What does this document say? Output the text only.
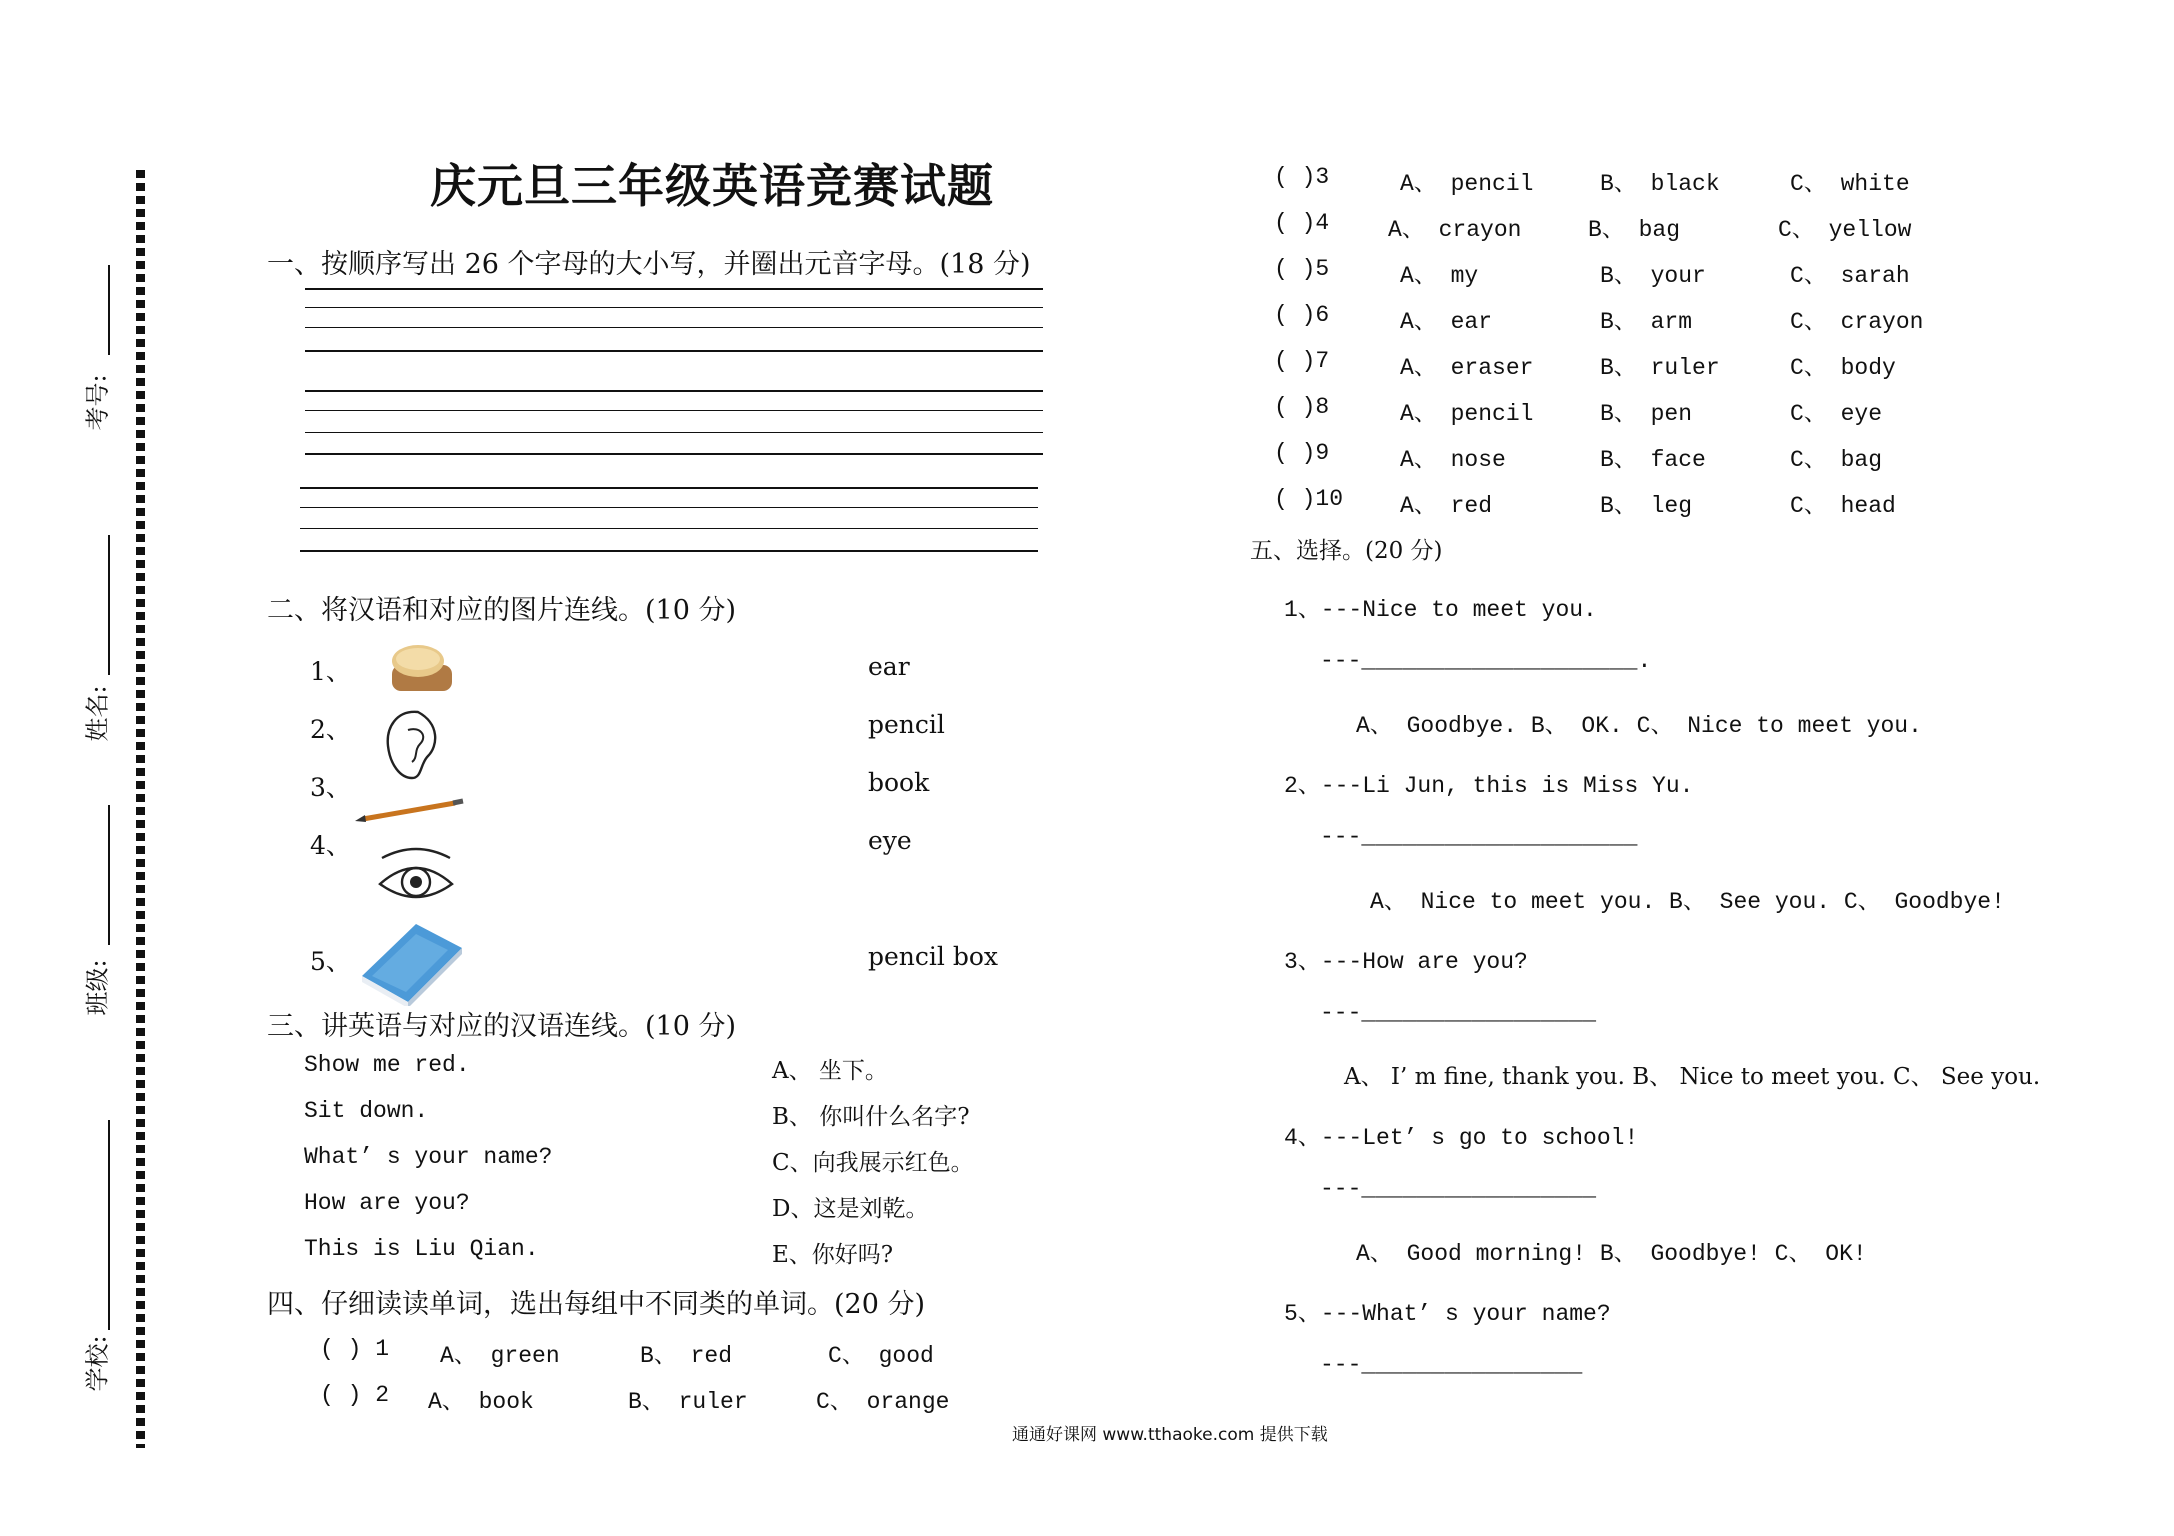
考号:
姓名:
班级:
学校:
庆元旦三年级英语竞赛试题
一、按顺序写出 26 个字母的大小写，并圈出元音字母。(18 分)
二、将汉语和对应的图片连线。(10 分)
1、
2、
3、
4、
5、
ear
pencil
book
eye
pencil box
三、讲英语与对应的汉语连线。(10 分)
Show me red.
Sit down.
What’ s your name?
How are you?
This is Liu Qian.
A、 坐下。
B、 你叫什么名字?
C、向我展示红色。
D、这是刘乾。
E、你好吗?
四、仔细读读单词，选出每组中不同类的单词。(20 分)
( ) 1 A、 green	B、 red	C、 good
( ) 2 A、 book	B、 ruler	C、 orange
( )3	A、 pencil	B、 black	C、 white
( )4	A、 crayon	B、 bag	C、 yellow
( )5	A、 my	B、 your	C、 sarah
( )6	A、 ear	B、 arm	C、 crayon
( )7	A、 eraser	B、 ruler	C、 body
( )8	A、 pencil	B、 pen	C、 eye
( )9	A、 nose	B、 face	C、 bag
( )10 A、 red	B、 leg	C、 head
五、选择。(20 分)
1、---Nice to meet you.
---____________________.
A、 Goodbye. B、 OK. C、 Nice to meet you.
2、---Li Jun, this is Miss Yu.
---____________________
A、 Nice to meet you. B、 See you. C、 Goodbye!
3、---How are you?
---_________________
A、 I’ m fine, thank you. B、 Nice to meet you. C、 See you.
4、---Let’ s go to school!
---_________________
A、 Good morning! B、 Goodbye! C、 OK!
5、---What’ s your name?
---________________
通通好课网 www.tthaoke.com 提供下载
